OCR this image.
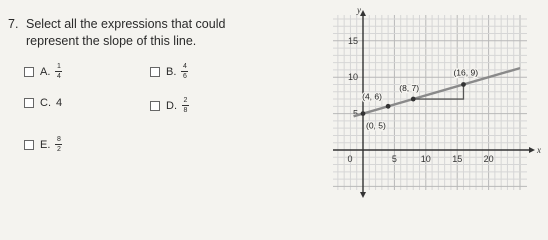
7. Select all the expressions that could
represent the slope of this line.
A. $\frac{1}{4}$	B. $\frac{4}{6}$
C. 4	D. $\frac{2}{8}$
E. $\frac{8}{2}$
y
x
15
10
5
0	5	10 15 20
(0, 5)
(4, 6)
(8, 7)
(16, 9)
